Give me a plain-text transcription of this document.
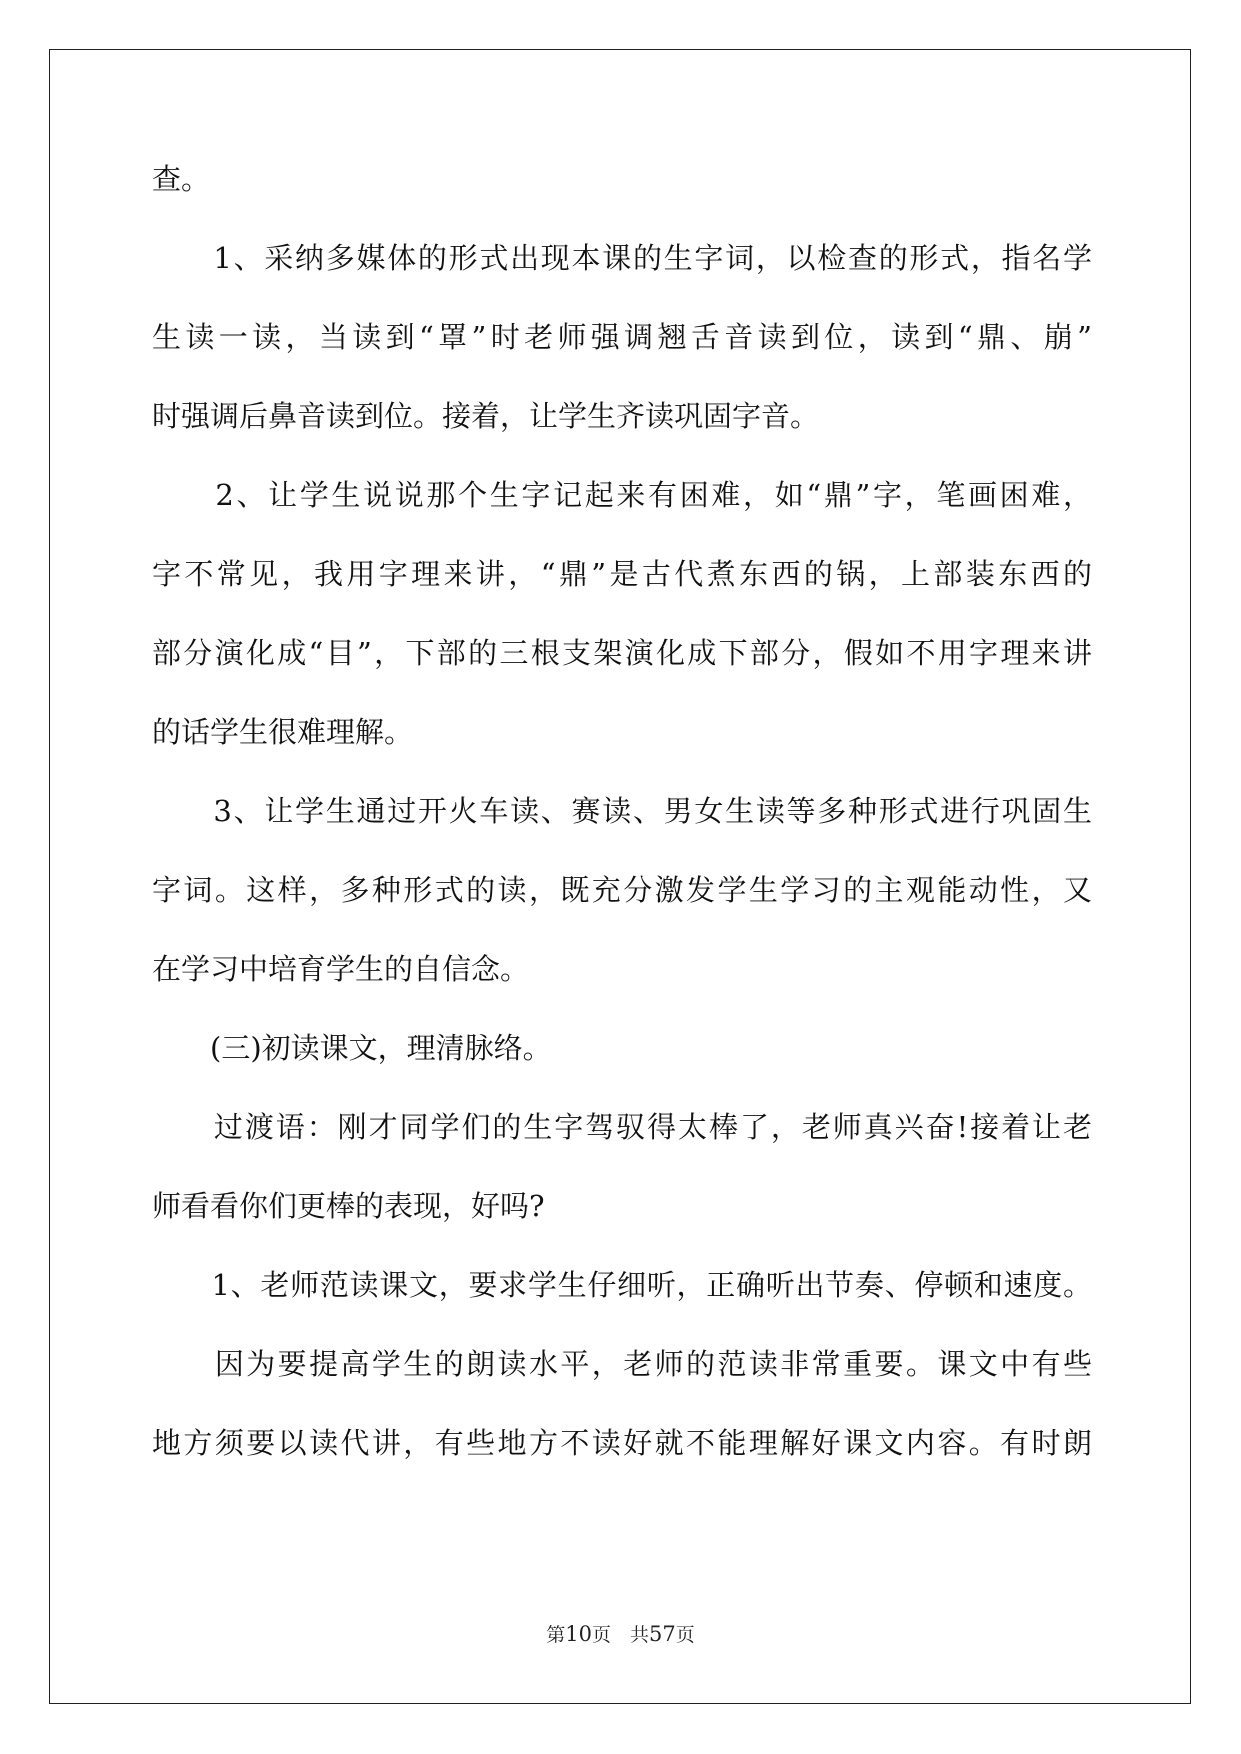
查。
　　1、采纳多媒体的形式出现本课的生字词，以检查的形式，指名学
生读一读，当读到“罩”时老师强调翘舌音读到位，读到“鼎、崩”
时强调后鼻音读到位。接着，让学生齐读巩固字音。
　　2、让学生说说那个生字记起来有困难，如“鼎”字，笔画困难，
字不常见，我用字理来讲，“鼎”是古代煮东西的锅，上部装东西的
部分演化成“目”，下部的三根支架演化成下部分，假如不用字理来讲
的话学生很难理解。
　　3、让学生通过开火车读、赛读、男女生读等多种形式进行巩固生
字词。这样，多种形式的读，既充分激发学生学习的主观能动性，又
在学习中培育学生的自信念。
　　(三)初读课文，理清脉络。
　　过渡语：刚才同学们的生字驾驭得太棒了，老师真兴奋!接着让老
师看看你们更棒的表现，好吗?
　　1、老师范读课文，要求学生仔细听，正确听出节奏、停顿和速度。
　　因为要提高学生的朗读水平，老师的范读非常重要。课文中有些
地方须要以读代讲，有些地方不读好就不能理解好课文内容。有时朗
第10页　共57页
